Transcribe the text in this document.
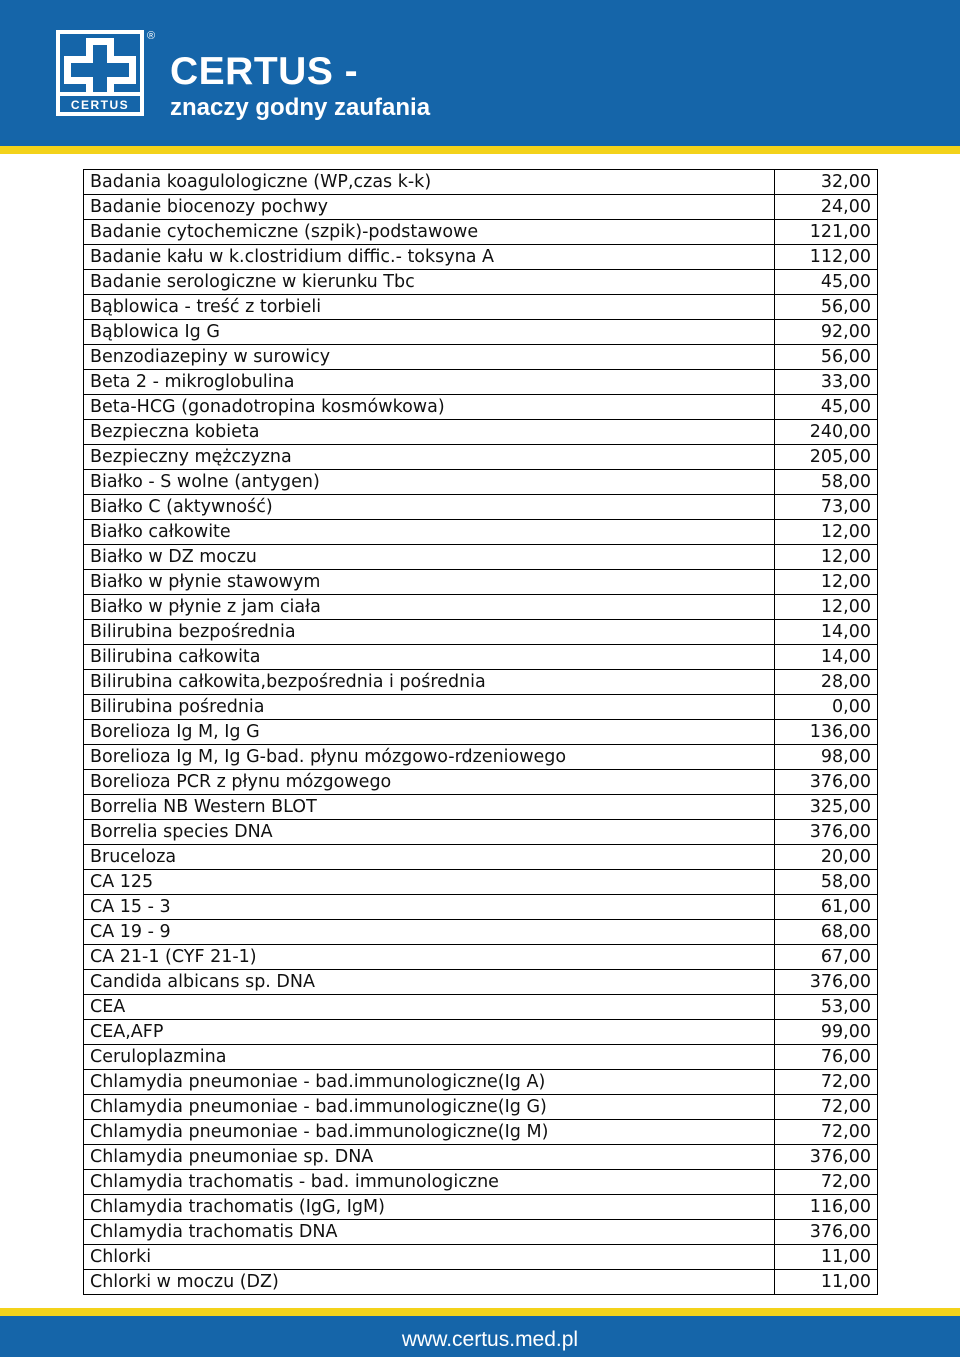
CERTUS
®
CERTUS -
znaczy godny zaufania
Badania koagulologiczne (WP,czas k-k)	32,00
Badanie biocenozy pochwy	24,00
Badanie cytochemiczne (szpik)-podstawowe	121,00
Badanie kału w k.clostridium diffic.- toksyna A	112,00
Badanie serologiczne w kierunku Tbc	45,00
Bąblowica - treść z torbieli	56,00
Bąblowica Ig G	92,00
Benzodiazepiny w surowicy	56,00
Beta 2 - mikroglobulina	33,00
Beta-HCG (gonadotropina kosmówkowa)	45,00
Bezpieczna kobieta	240,00
Bezpieczny mężczyzna	205,00
Białko - S wolne (antygen)	58,00
Białko C (aktywność)	73,00
Białko całkowite	12,00
Białko w DZ moczu	12,00
Białko w płynie stawowym	12,00
Białko w płynie z jam ciała	12,00
Bilirubina bezpośrednia	14,00
Bilirubina całkowita	14,00
Bilirubina całkowita,bezpośrednia i pośrednia	28,00
Bilirubina pośrednia	0,00
Borelioza Ig M, Ig G	136,00
Borelioza Ig M, Ig G-bad. płynu mózgowo-rdzeniowego	98,00
Borelioza PCR z płynu mózgowego	376,00
Borrelia NB Western BLOT	325,00
Borrelia species DNA	376,00
Bruceloza	20,00
CA 125	58,00
CA 15 - 3	61,00
CA 19 - 9	68,00
CA 21-1 (CYF 21-1)	67,00
Candida albicans sp. DNA	376,00
CEA	53,00
CEA,AFP	99,00
Ceruloplazmina	76,00
Chlamydia pneumoniae - bad.immunologiczne(Ig A)	72,00
Chlamydia pneumoniae - bad.immunologiczne(Ig G)	72,00
Chlamydia pneumoniae - bad.immunologiczne(Ig M)	72,00
Chlamydia pneumoniae sp. DNA	376,00
Chlamydia trachomatis - bad. immunologiczne	72,00
Chlamydia trachomatis (IgG, IgM)	116,00
Chlamydia trachomatis DNA	376,00
Chlorki	11,00
Chlorki w moczu (DZ)	11,00
www.certus.med.pl
